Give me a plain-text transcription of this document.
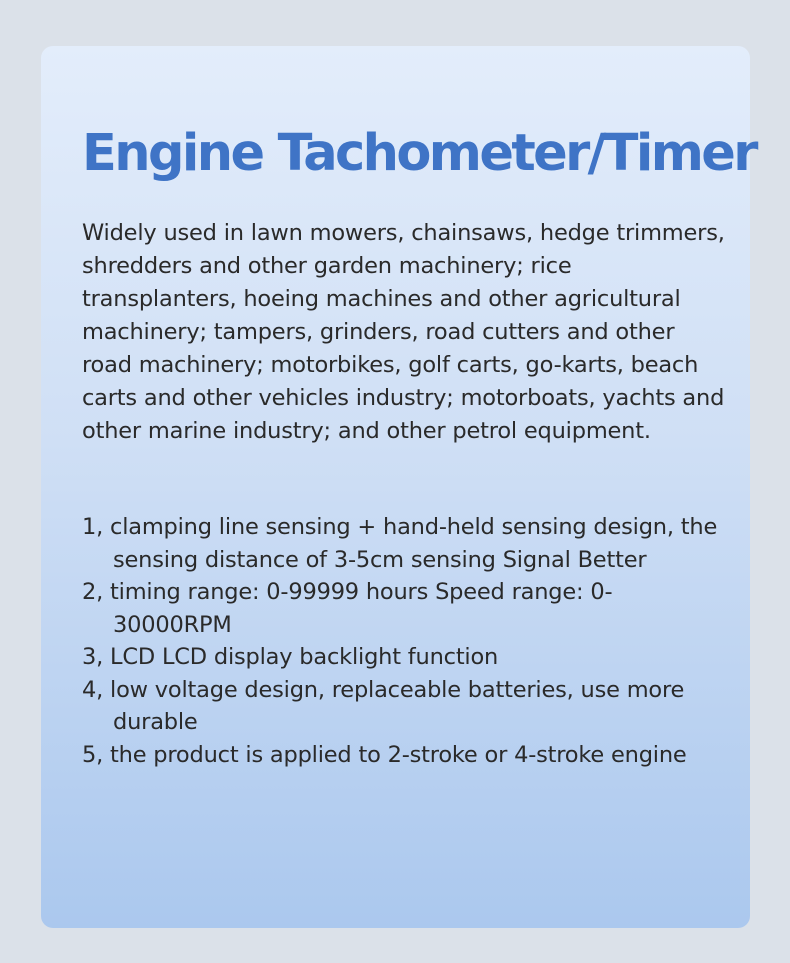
Engine Tachometer/Timer

Widely used in lawn mowers, chainsaws, hedge trimmers, shredders and other garden machinery; rice transplanters, hoeing machines and other agricultural machinery; tampers, grinders, road cutters and other road machinery; motorbikes, golf carts, go-karts, beach carts and other vehicles industry; motorboats, yachts and other marine industry; and other petrol equipment.

1, clamping line sensing + hand-held sensing design, the sensing distance of 3-5cm sensing Signal Better
2, timing range: 0-99999 hours Speed range: 0-30000RPM
3, LCD LCD display backlight function
4, low voltage design, replaceable batteries, use more durable
5, the product is applied to 2-stroke or 4-stroke engine
